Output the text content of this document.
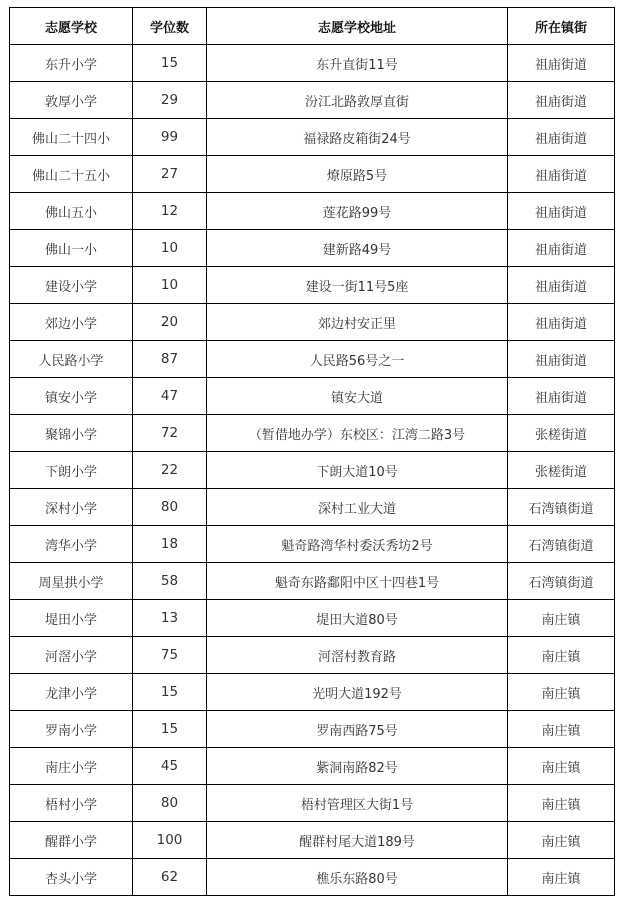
志愿学校	学位数	志愿学校地址	所在镇街
东升小学	15	东升直街11号	祖庙街道
敦厚小学	29	汾江北路敦厚直街	祖庙街道
佛山二十四小	99	福禄路皮箱街24号	祖庙街道
佛山二十五小	27	燎原路5号	祖庙街道
佛山五小	12	莲花路99号	祖庙街道
佛山一小	10	建新路49号	祖庙街道
建设小学	10	建设一街11号5座	祖庙街道
郊边小学	20	郊边村安正里	祖庙街道
人民路小学	87	人民路56号之一	祖庙街道
镇安小学	47	镇安大道	祖庙街道
聚锦小学	72	（暂借地办学）东校区：江湾二路3号	张槎街道
下朗小学	22	下朗大道10号	张槎街道
深村小学	80	深村工业大道	石湾镇街道
湾华小学	18	魁奇路湾华村委沃秀坊2号	石湾镇街道
周星拱小学	58	魁奇东路鄱阳中区十四巷1号	石湾镇街道
堤田小学	13	堤田大道80号	南庄镇
河滘小学	75	河滘村教育路	南庄镇
龙津小学	15	光明大道192号	南庄镇
罗南小学	15	罗南西路75号	南庄镇
南庄小学	45	紫洞南路82号	南庄镇
梧村小学	80	梧村管理区大街1号	南庄镇
醒群小学	100	醒群村尾大道189号	南庄镇
杏头小学	62	樵乐东路80号	南庄镇
